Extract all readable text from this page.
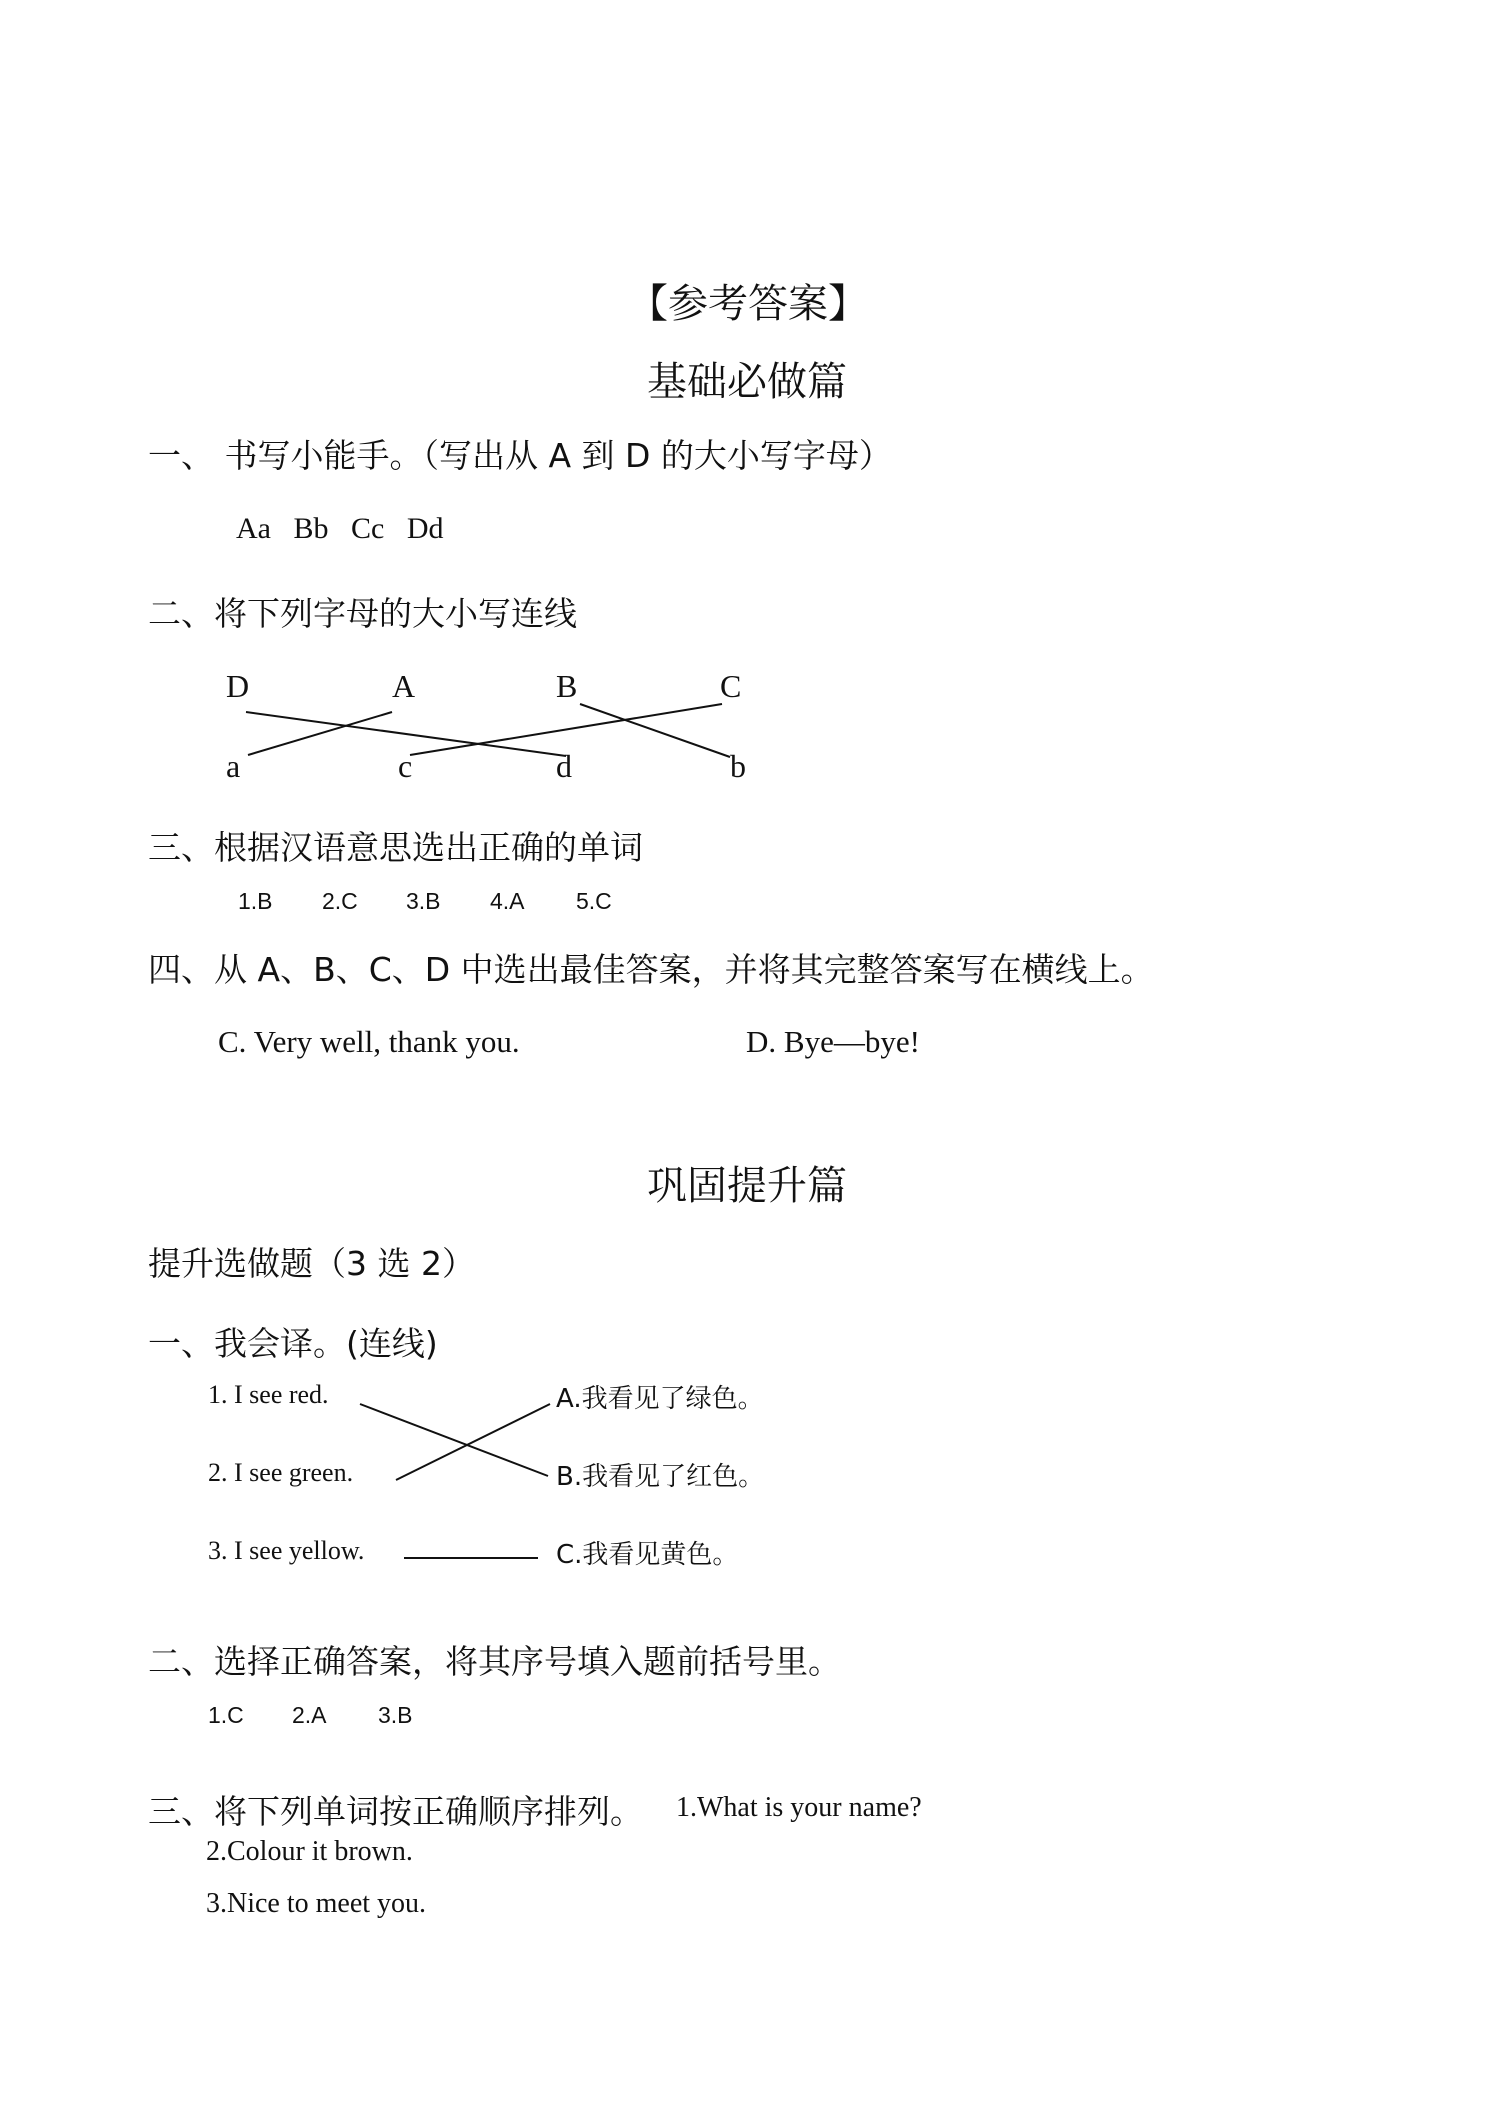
【参考答案】
基础必做篇
一、 书写小能手。（写出从 A 到 D 的大小写字母）
Aa   Bb   Cc   Dd
二、将下列字母的大小写连线
D	A	B	C
a	c	d	b
三、根据汉语意思选出正确的单词
1.B 2.C 3.B 4.A 5.C
四、从 A、B、C、D 中选出最佳答案，并将其完整答案写在横线上。
C. Very well, thank you.	D. Bye—bye!
巩固提升篇
提升选做题（3 选 2）
一、我会译。(连线)
1. I see red.
2. I see green.
3. I see yellow.
A.我看见了绿色。
B.我看见了红色。
C.我看见黄色。
二、选择正确答案，将其序号填入题前括号里。
1.C 2.A 3.B
三、将下列单词按正确顺序排列。 1.What is your name?
2.Colour it brown.
3.Nice to meet you.
